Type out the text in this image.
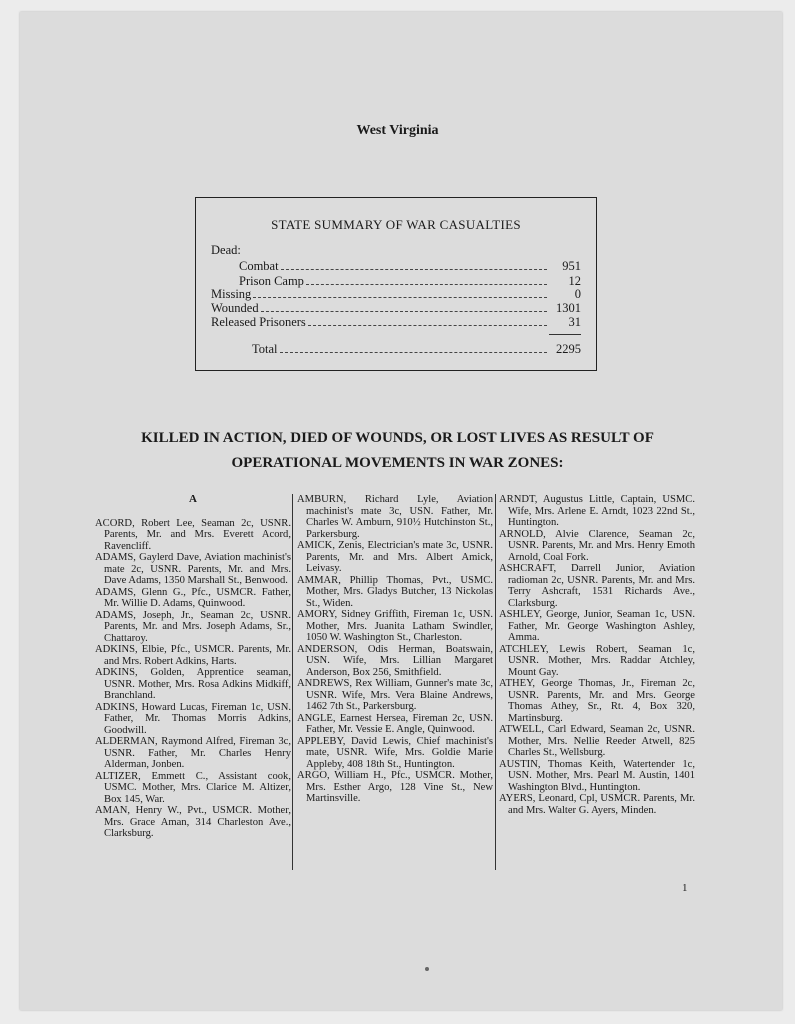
West Virginia
STATE SUMMARY OF WAR CASUALTIES
Dead:
Combat	951
Prison Camp	12
Missing	0
Wounded	1301
Released Prisoners	31
Total	2295
KILLED IN ACTION, DIED OF WOUNDS, OR LOST LIVES AS RESULT OF
OPERATIONAL MOVEMENTS IN WAR ZONES:
A
ACORD, Robert Lee, Seaman 2c, USNR. Parents, Mr. and Mrs. Everett Acord, Ravencliff.
ADAMS, Gaylerd Dave, Aviation machinist's mate 2c, USNR. Parents, Mr. and Mrs. Dave Adams, 1350 Marshall St., Benwood.
ADAMS, Glenn G., Pfc., USMCR. Father, Mr. Willie D. Adams, Quinwood.
ADAMS, Joseph, Jr., Seaman 2c, USNR. Parents, Mr. and Mrs. Joseph Adams, Sr., Chattaroy.
ADKINS, Elbie, Pfc., USMCR. Parents, Mr. and Mrs. Robert Adkins, Harts.
ADKINS, Golden, Apprentice seaman, USNR. Mother, Mrs. Rosa Adkins Midkiff, Branchland.
ADKINS, Howard Lucas, Fireman 1c, USN. Father, Mr. Thomas Morris Adkins, Goodwill.
ALDERMAN, Raymond Alfred, Fireman 3c, USNR. Father, Mr. Charles Henry Alderman, Jonben.
ALTIZER, Emmett C., Assistant cook, USMC. Mother, Mrs. Clarice M. Altizer, Box 145, War.
AMAN, Henry W., Pvt., USMCR. Mother, Mrs. Grace Aman, 314 Charleston Ave., Clarksburg.
AMBURN, Richard Lyle, Aviation machinist's mate 3c, USN. Father, Mr. Charles W. Amburn, 910½ Hutchinston St., Parkersburg.
AMICK, Zenis, Electrician's mate 3c, USNR. Parents, Mr. and Mrs. Albert Amick, Leivasy.
AMMAR, Phillip Thomas, Pvt., USMC. Mother, Mrs. Gladys Butcher, 13 Nickolas St., Widen.
AMORY, Sidney Griffith, Fireman 1c, USN. Mother, Mrs. Juanita Latham Swindler, 1050 W. Washington St., Charleston.
ANDERSON, Odis Herman, Boatswain, USN. Wife, Mrs. Lillian Margaret Anderson, Box 256, Smithfield.
ANDREWS, Rex William, Gunner's mate 3c, USNR. Wife, Mrs. Vera Blaine Andrews, 1462 7th St., Parkersburg.
ANGLE, Earnest Hersea, Fireman 2c, USN. Father, Mr. Vessie E. Angle, Quinwood.
APPLEBY, David Lewis, Chief machinist's mate, USNR. Wife, Mrs. Goldie Marie Appleby, 408 18th St., Huntington.
ARGO, William H., Pfc., USMCR. Mother, Mrs. Esther Argo, 128 Vine St., New Martinsville.
ARNDT, Augustus Little, Captain, USMC. Wife, Mrs. Arlene E. Arndt, 1023 22nd St., Huntington.
ARNOLD, Alvie Clarence, Seaman 2c, USNR. Parents, Mr. and Mrs. Henry Emoth Arnold, Coal Fork.
ASHCRAFT, Darrell Junior, Aviation radioman 2c, USNR. Parents, Mr. and Mrs. Terry Ashcraft, 1531 Richards Ave., Clarksburg.
ASHLEY, George, Junior, Seaman 1c, USN. Father, Mr. George Washington Ashley, Amma.
ATCHLEY, Lewis Robert, Seaman 1c, USNR. Mother, Mrs. Raddar Atchley, Mount Gay.
ATHEY, George Thomas, Jr., Fireman 2c, USNR. Parents, Mr. and Mrs. George Thomas Athey, Sr., Rt. 4, Box 320, Martinsburg.
ATWELL, Carl Edward, Seaman 2c, USNR. Mother, Mrs. Nellie Reeder Atwell, 825 Charles St., Wellsburg.
AUSTIN, Thomas Keith, Watertender 1c, USN. Mother, Mrs. Pearl M. Austin, 1401 Washington Blvd., Huntington.
AYERS, Leonard, Cpl, USMCR. Parents, Mr. and Mrs. Walter G. Ayers, Minden.
1
